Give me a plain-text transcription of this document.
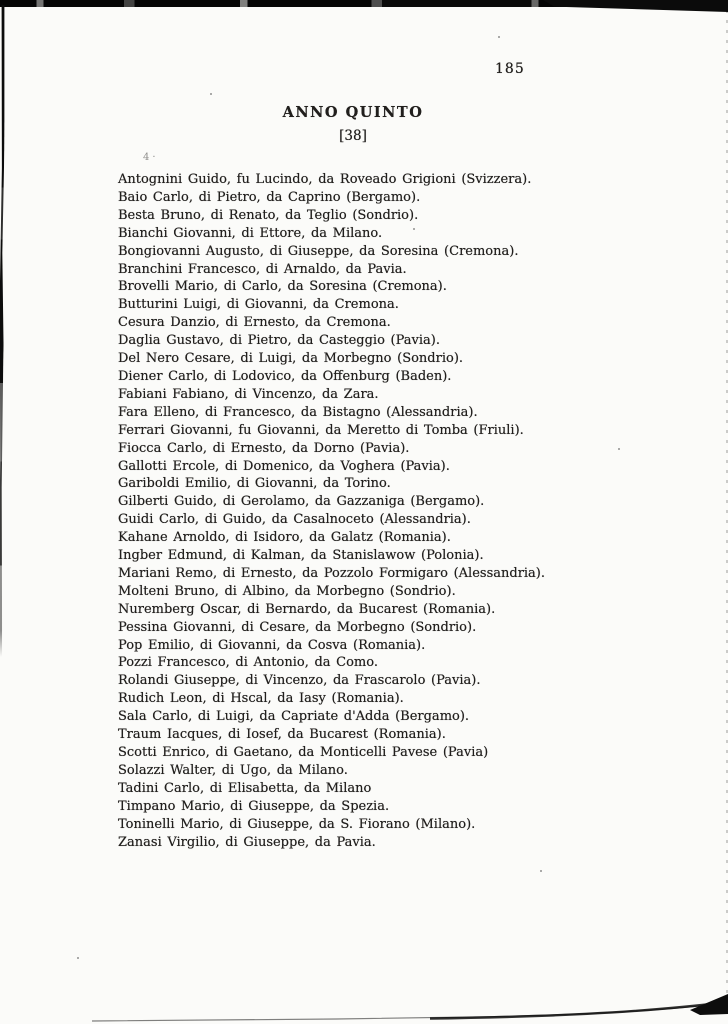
4·
185
ANNO QUINTO
[38]
Antognini Guido, fu Lucindo, da Roveado Grigioni (Svizzera).
Baio Carlo, di Pietro, da Caprino (Bergamo).
Besta Bruno, di Renato, da Teglio (Sondrio).
Bianchi Giovanni, di Ettore, da Milano.
Bongiovanni Augusto, di Giuseppe, da Soresina (Cremona).
Branchini Francesco, di Arnaldo, da Pavia.
Brovelli Mario, di Carlo, da Soresina (Cremona).
Butturini Luigi, di Giovanni, da Cremona.
Cesura Danzio, di Ernesto, da Cremona.
Daglia Gustavo, di Pietro, da Casteggio (Pavia).
Del Nero Cesare, di Luigi, da Morbegno (Sondrio).
Diener Carlo, di Lodovico, da Offenburg (Baden).
Fabiani Fabiano, di Vincenzo, da Zara.
Fara Elleno, di Francesco, da Bistagno (Alessandria).
Ferrari Giovanni, fu Giovanni, da Meretto di Tomba (Friuli).
Fiocca Carlo, di Ernesto, da Dorno (Pavia).
Gallotti Ercole, di Domenico, da Voghera (Pavia).
Gariboldi Emilio, di Giovanni, da Torino.
Gilberti Guido, di Gerolamo, da Gazzaniga (Bergamo).
Guidi Carlo, di Guido, da Casalnoceto (Alessandria).
Kahane Arnoldo, di Isidoro, da Galatz (Romania).
Ingber Edmund, di Kalman, da Stanislawow (Polonia).
Mariani Remo, di Ernesto, da Pozzolo Formigaro (Alessandria).
Molteni Bruno, di Albino, da Morbegno (Sondrio).
Nuremberg Oscar, di Bernardo, da Bucarest (Romania).
Pessina Giovanni, di Cesare, da Morbegno (Sondrio).
Pop Emilio, di Giovanni, da Cosva (Romania).
Pozzi Francesco, di Antonio, da Como.
Rolandi Giuseppe, di Vincenzo, da Frascarolo (Pavia).
Rudich Leon, di Hscal, da Iasy (Romania).
Sala Carlo, di Luigi, da Capriate d'Adda (Bergamo).
Traum Iacques, di Iosef, da Bucarest (Romania).
Scotti Enrico, di Gaetano, da Monticelli Pavese (Pavia)
Solazzi Walter, di Ugo, da Milano.
Tadini Carlo, di Elisabetta, da Milano
Timpano Mario, di Giuseppe, da Spezia.
Toninelli Mario, di Giuseppe, da S. Fiorano (Milano).
Zanasi Virgilio, di Giuseppe, da Pavia.
